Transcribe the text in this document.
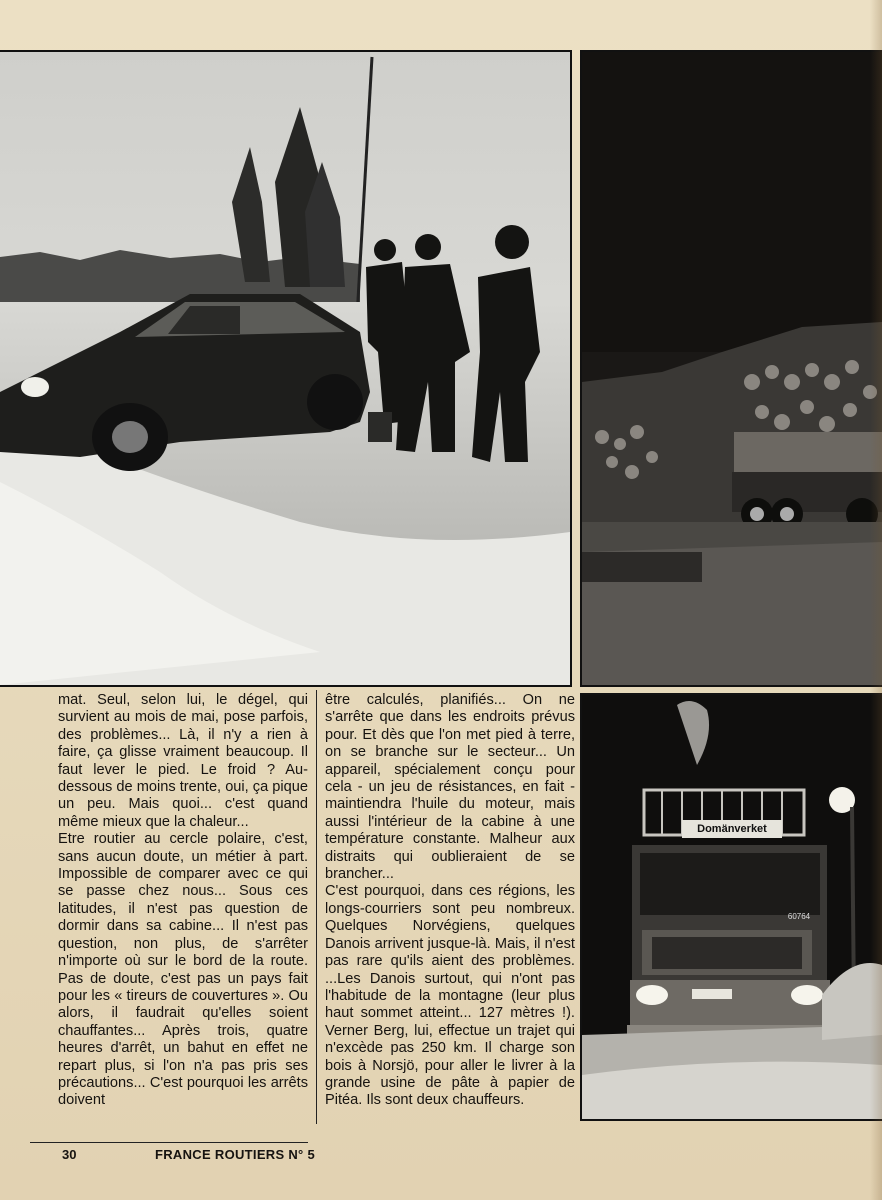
Domänverket
60764

mat. Seul, selon lui, le dégel, qui survient au mois de mai, pose parfois, des problèmes... Là, il n'y a rien à faire, ça glisse vraiment beaucoup. Il faut lever le pied. Le froid ? Au-dessous de moins trente, oui, ça pique un peu. Mais quoi... c'est quand même mieux que la chaleur...

Etre routier au cercle polaire, c'est, sans aucun doute, un métier à part. Impossible de comparer avec ce qui se passe chez nous... Sous ces latitudes, il n'est pas question de dormir dans sa cabine... Il n'est pas question, non plus, de s'arrêter n'importe où sur le bord de la route. Pas de doute, c'est pas un pays fait pour les « tireurs de couvertures ». Ou alors, il faudrait qu'elles soient chauffantes... Après trois, quatre heures d'arrêt, un bahut en effet ne repart plus, si l'on n'a pas pris ses précautions... C'est pourquoi les arrêts doivent

être calculés, planifiés... On ne s'arrête que dans les endroits prévus pour. Et dès que l'on met pied à terre, on se branche sur le secteur... Un appareil, spécialement conçu pour cela - un jeu de résistances, en fait - maintiendra l'huile du moteur, mais aussi l'intérieur de la cabine à une température constante. Malheur aux distraits qui oublieraient de se brancher...

C'est pourquoi, dans ces régions, les longs-courriers sont peu nombreux. Quelques Norvégiens, quelques Danois arrivent jusque-là. Mais, il n'est pas rare qu'ils aient des problèmes. ...Les Danois surtout, qui n'ont pas l'habitude de la montagne (leur plus haut sommet atteint... 127 mètres !). Verner Berg, lui, effectue un trajet qui n'excède pas 250 km. Il charge son bois à Norsjö, pour aller le livrer à la grande usine de pâte à papier de Pitéa. Ils sont deux chauffeurs.

30	FRANCE ROUTIERS N° 5
